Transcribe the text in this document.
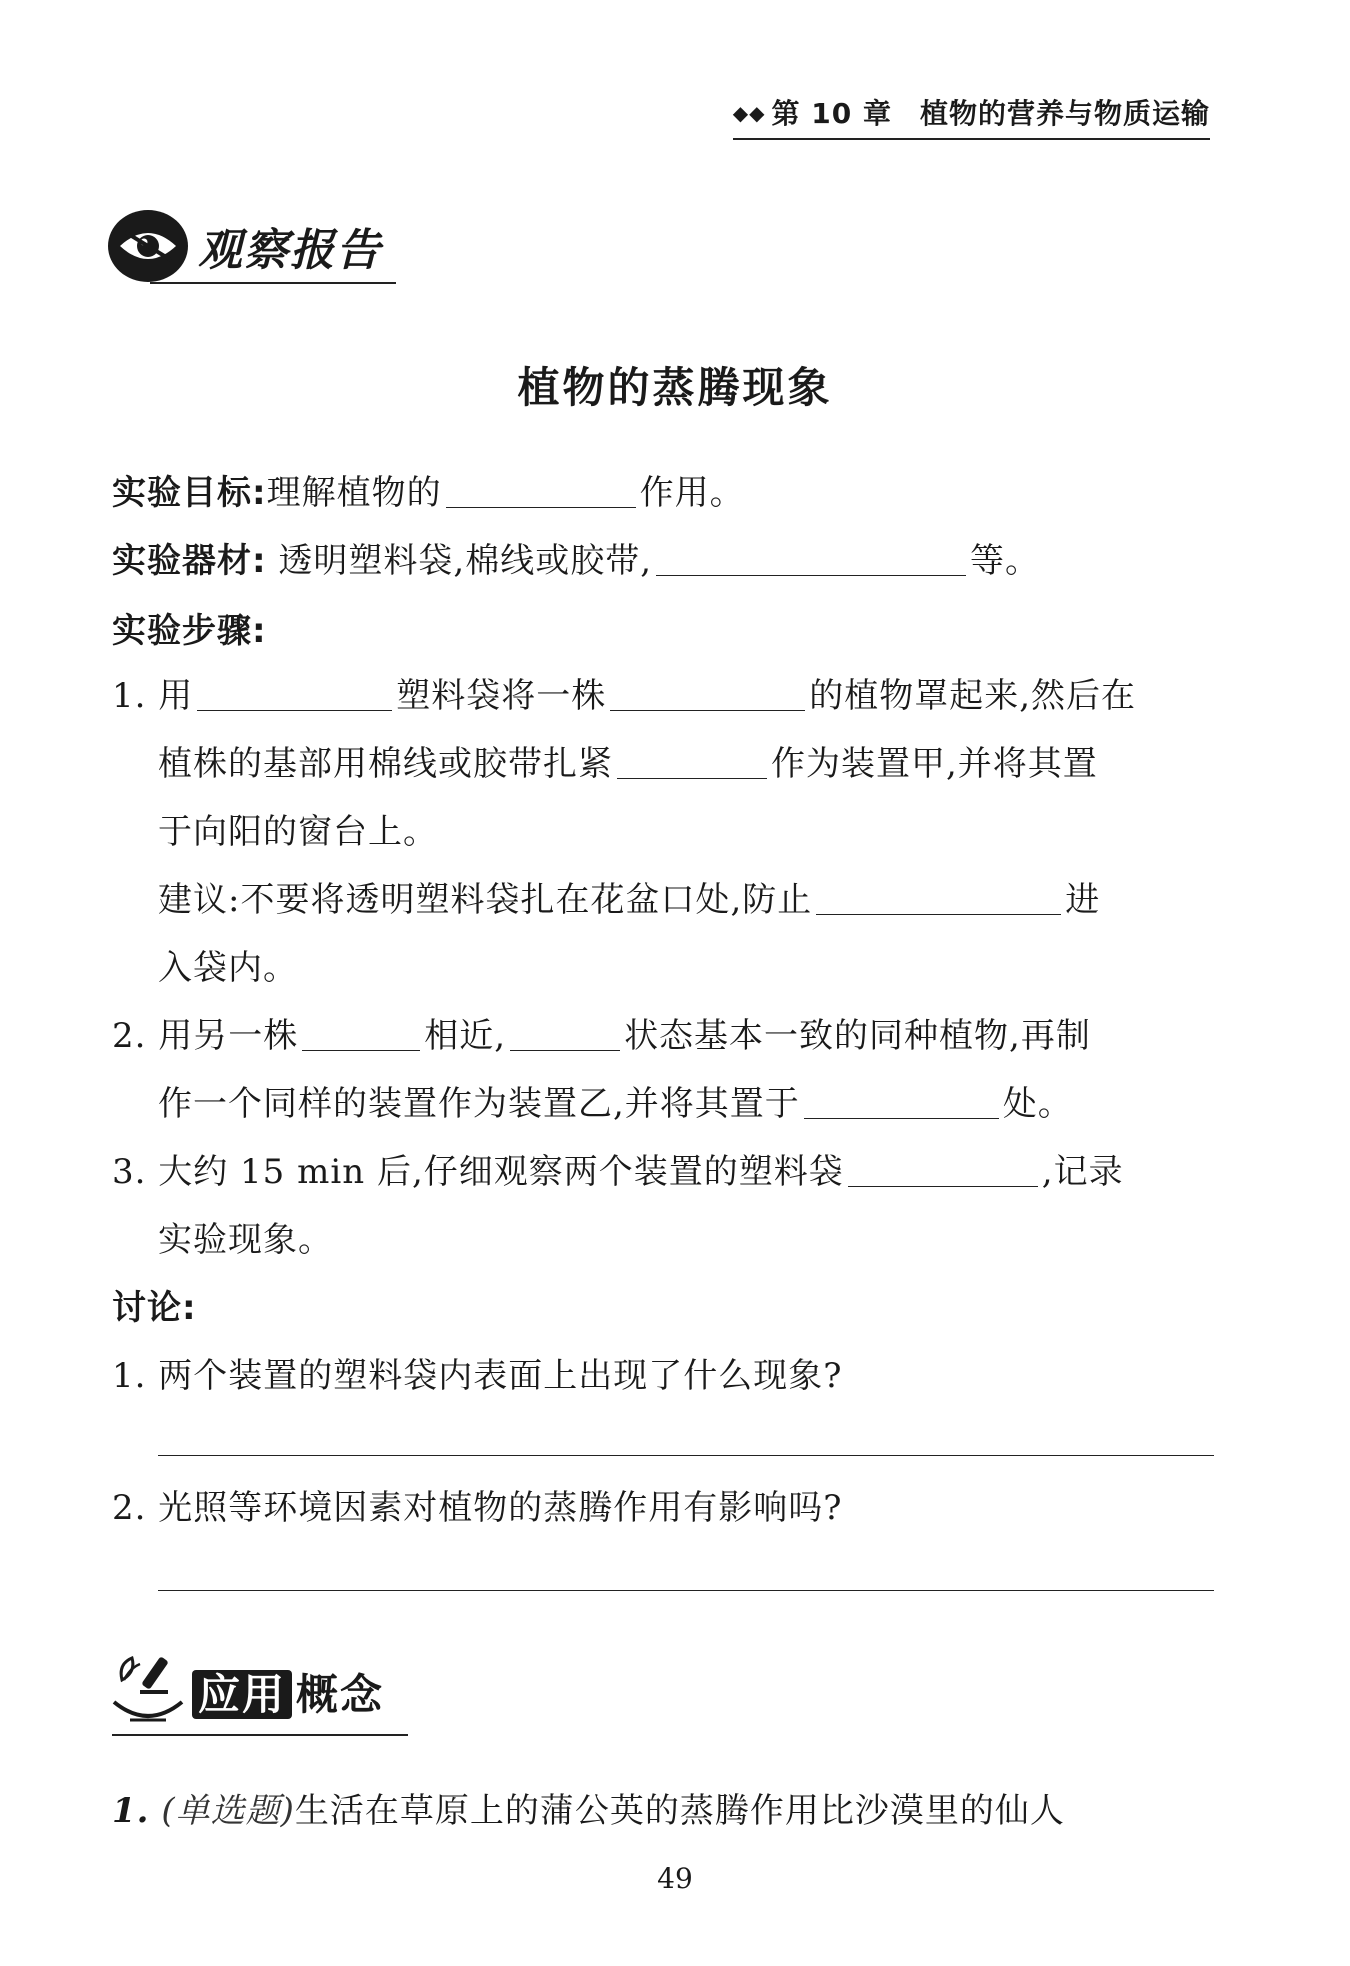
◆◆ 第 10 章 植物的营养与物质运输
观察报告
植物的蒸腾现象
实验目标:理解植物的	作用。
实验器材: 透明塑料袋,棉线或胶带,	等。
实验步骤:
1. 用	塑料袋将一株	的植物罩起来,然后在
植株的基部用棉线或胶带扎紧	作为装置甲,并将其置
于向阳的窗台上。
建议:不要将透明塑料袋扎在花盆口处,防止	进
入袋内。
2. 用另一株	相近,	状态基本一致的同种植物,再制
作一个同样的装置作为装置乙,并将其置于	处。
3. 大约 15 min 后,仔细观察两个装置的塑料袋	,记录
实验现象。
讨论:
1. 两个装置的塑料袋内表面上出现了什么现象?
2. 光照等环境因素对植物的蒸腾作用有影响吗?
应用 概念
1. (单选题)生活在草原上的蒲公英的蒸腾作用比沙漠里的仙人
49
